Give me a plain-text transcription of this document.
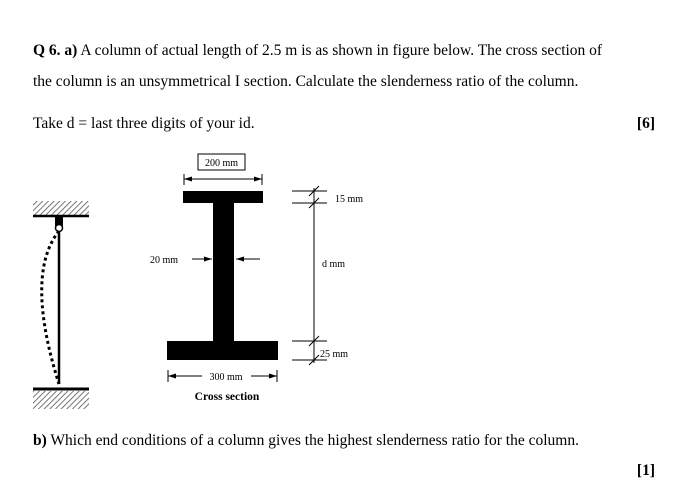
Q 6. a) A column of actual length of 2.5 m is as shown in figure below. The cross section of
the column is an unsymmetrical I section. Calculate the slenderness ratio of the column.
Take d = last three digits of your id.	[6]
200 mm
20 mm
300 mm
Cross section
15 mm
d mm
25 mm
b) Which end conditions of a column gives the highest slenderness ratio for the column.
[1]
